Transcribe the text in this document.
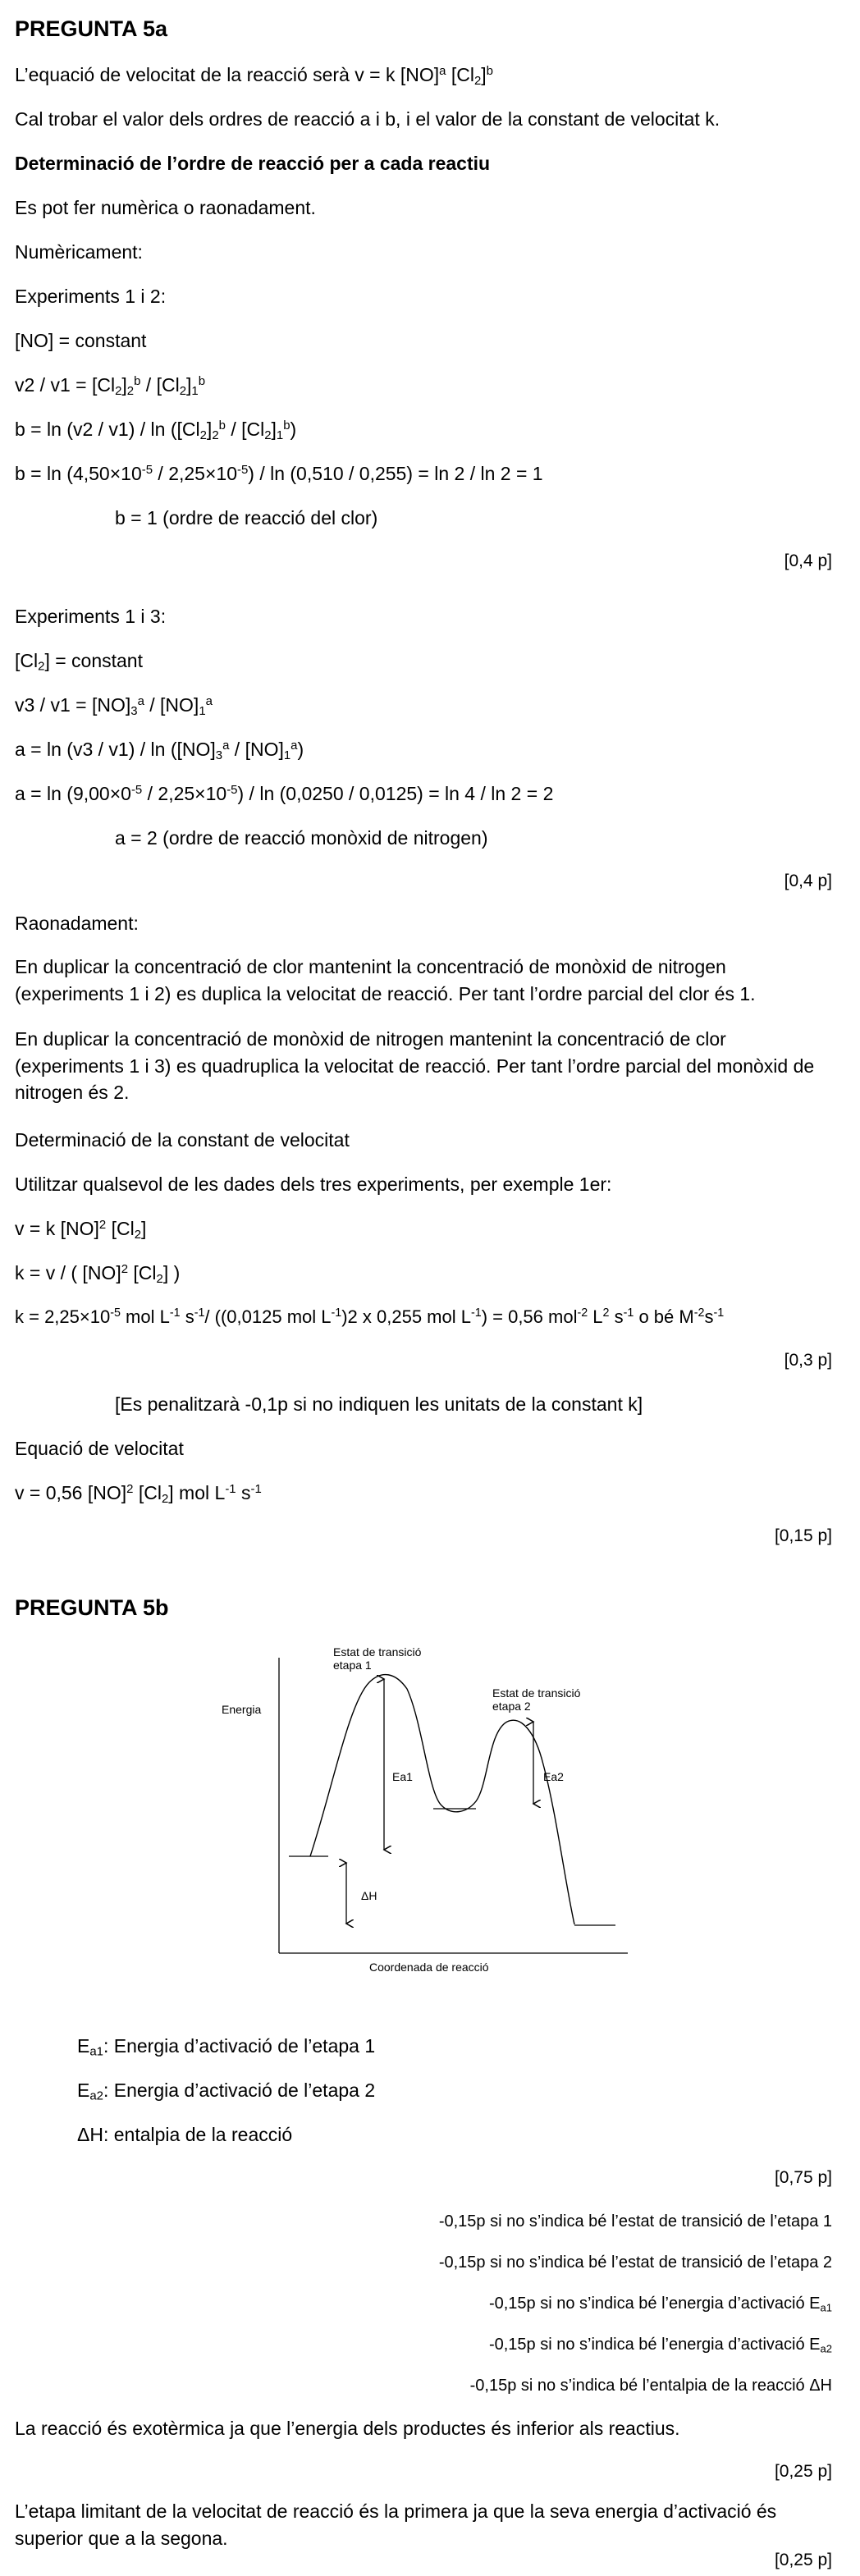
PREGUNTA 5a
L’equació de velocitat de la reacció serà v = k [NO]$^a$ $[Cl2]^b$
Cal trobar el valor dels ordres de reacció a i b, i el valor de la constant de velocitat k.
Determinació de l’ordre de reacció per a cada reactiu
Es pot fer numèrica o raonadament.
Numèricament:
Experiments 1 i 2:
[NO] = constant
$v2 / v1 = [Cl2]2^b / [Cl2]1^b$
b = ln (v2 / v1) / ln ([Cl2]2$^b$ / [Cl2]1$^b$)
$b = \ln (4,50\times 10^{-5} / 2,25\times 10^{-5}) / \ln (0,510 / 0,255) = \ln 2 / \ln 2 = 1$
b = 1 (ordre de reacció del clor)
[0,4 p]
Experiments 1 i 3:
[Cl2] = constant
$v3 / v1 = [NO]3^a / [NO]1^a$
a = ln (v3 / v1) / ln ([NO]3$^a$ / [NO]1$^a$)
$a = \ln (9,00\times 0^{-5} / 2,25\times 10^{-5}) / \ln (0,0250 / 0,0125) = \ln 4 / \ln 2 = 2$
a = 2 (ordre de reacció monòxid de nitrogen)
[0,4 p]
Raonadament:
En duplicar la concentració de clor mantenint la concentració de monòxid de nitrogen (experiments 1 i 2) es duplica la velocitat de reacció. Per tant l’ordre parcial del clor és 1.
En duplicar la concentració de monòxid de nitrogen mantenint la concentració de clor (experiments 1 i 3) es quadruplica la velocitat de reacció. Per tant l’ordre parcial del monòxid de nitrogen és 2.
Determinació de la constant de velocitat
Utilitzar qualsevol de les dades dels tres experiments, per exemple 1er:
v = k [NO]$^2$ [Cl2]
k = v / ( [NO]$^2$ [Cl2] )
$k = 2,25\times 10^{-5}$ mol $L^{-1}$ $s^{-1}/$ ((0,0125 mol $L^{-1})2$ x 0,255 mol $L^{-1}) = 0,56$ mol$^{-2}$ $L^2$ $s^{-1}$ o bé $M^{-2}s^{-1}$
[0,3 p]
[Es penalitzarà -0,1p si no indiquen les unitats de la constant k]
Equació de velocitat
v = 0,56 [NO]$^2$ [Cl2] mol $L^{-1}$ $s^{-1}$
[0,15 p]
PREGUNTA 5b
Energia
Coordenada de reacció
Estat de transició
etapa 1
Estat de transició
etapa 2
Ea1	Ea2
ΔH
Ea1: Energia d’activació de l’etapa 1
Ea2: Energia d’activació de l’etapa 2
ΔH: entalpia de la reacció
[0,75 p]
-0,15p si no s’indica bé l’estat de transició de l’etapa 1
-0,15p si no s’indica bé l’estat de transició de l’etapa 2
-0,15p si no s’indica bé l’energia d’activació Ea1
-0,15p si no s’indica bé l’energia d’activació Ea2
-0,15p si no s’indica bé l’entalpia de la reacció ΔH
La reacció és exotèrmica ja que l’energia dels productes és inferior als reactius.
[0,25 p]
L’etapa limitant de la velocitat de reacció és la primera ja que la seva energia d’activació és superior que a la segona.
[0,25 p]
